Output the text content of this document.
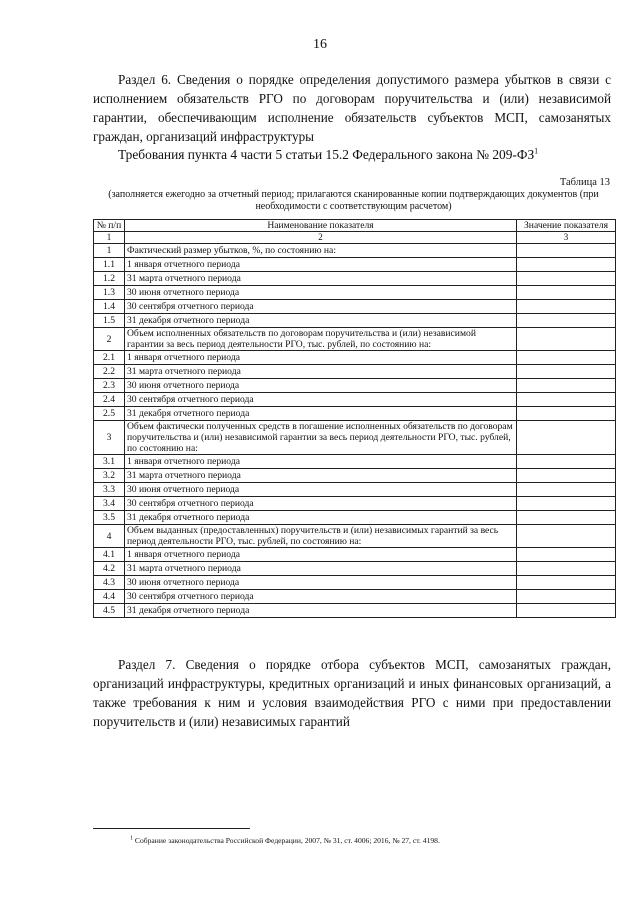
16
Раздел 6. Сведения о порядке определения допустимого размера убытков в связи с исполнением обязательств РГО по договорам поручительства и (или) независимой гарантии, обеспечивающим исполнение обязательств субъектов МСП, самозанятых граждан, организаций инфраструктуры
Требования пункта 4 части 5 статьи 15.2 Федерального закона № $209-ФЗ^1$
Таблица 13
(заполняется ежегодно за отчетный период; прилагаются сканированные копии подтверждающих документов (при необходимости с соответствующим расчетом)
№ п/п	Наименование показателя	Значение показателя
1	2	3
1	Фактический размер убытков, %, по состоянию на:	
1.1	1 января отчетного периода	
1.2	31 марта отчетного периода	
1.3	30 июня отчетного периода	
1.4	30 сентября отчетного периода	
1.5	31 декабря отчетного периода	
2	Объем исполненных обязательств по договорам поручительства и (или) независимой гарантии за весь период деятельности РГО, тыс. рублей, по состоянию на:	
2.1	1 января отчетного периода	
2.2	31 марта отчетного периода	
2.3	30 июня отчетного периода	
2.4	30 сентября отчетного периода	
2.5	31 декабря отчетного периода	
3	Объем фактически полученных средств в погашение исполненных обязательств по договорам поручительства и (или) независимой гарантии за весь период деятельности РГО, тыс. рублей, по состоянию на:	
3.1	1 января отчетного периода	
3.2	31 марта отчетного периода	
3.3	30 июня отчетного периода	
3.4	30 сентября отчетного периода	
3.5	31 декабря отчетного периода	
4	Объем выданных (предоставленных) поручительств и (или) независимых гарантий за весь период деятельности РГО, тыс. рублей, по состоянию на:	
4.1	1 января отчетного периода	
4.2	31 марта отчетного периода	
4.3	30 июня отчетного периода	
4.4	30 сентября отчетного периода	
4.5	31 декабря отчетного периода	
Раздел 7. Сведения о порядке отбора субъектов МСП, самозанятых граждан, организаций инфраструктуры, кредитных организаций и иных финансовых организаций, а также требования к ним и условия взаимодействия РГО с ними при предоставлении поручительств и (или) независимых гарантий
$^1$ Собрание законодательства Российской Федерации, 2007, № 31, ст. 4006; 2016, № 27, ст. 4198.
